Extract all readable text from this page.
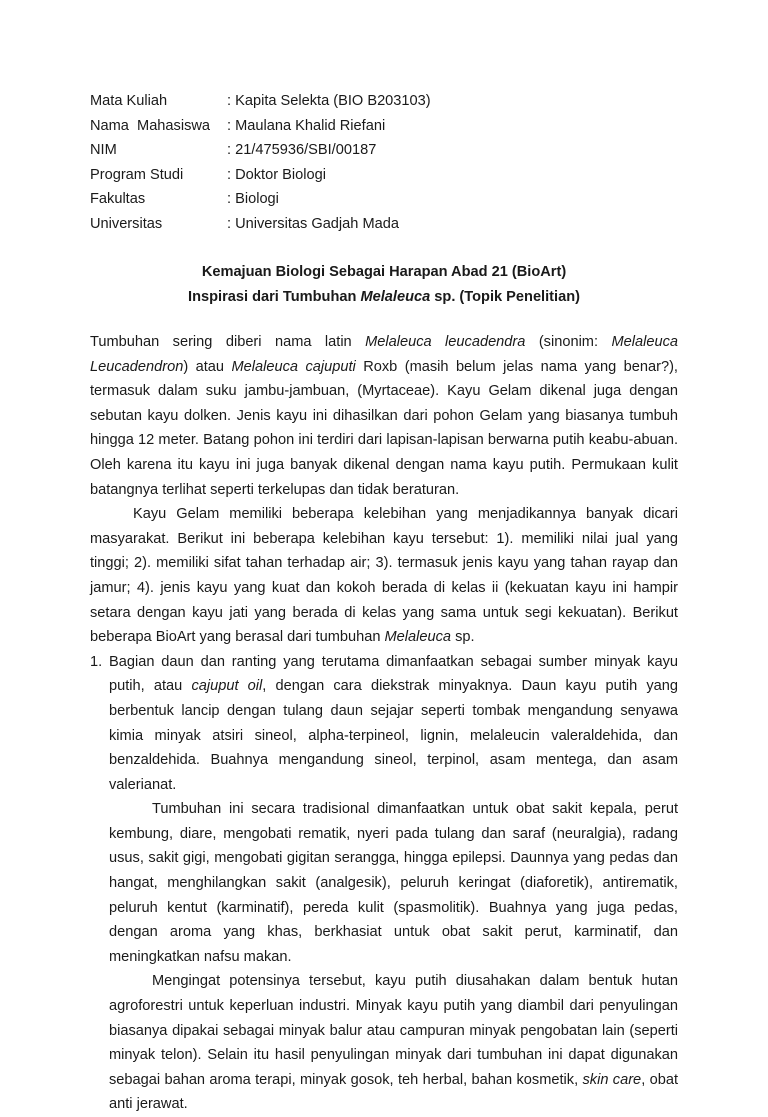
Mata Kuliah	: Kapita Selekta (BIO B203103)
Nama  Mahasiswa	: Maulana Khalid Riefani
NIM	: 21/475936/SBI/00187
Program Studi	: Doktor Biologi
Fakultas	: Biologi
Universitas	: Universitas Gadjah Mada
Kemajuan Biologi Sebagai Harapan Abad 21 (BioArt)
Inspirasi dari Tumbuhan Melaleuca sp. (Topik Penelitian)

Tumbuhan sering diberi nama latin Melaleuca leucadendra (sinonim: Melaleuca Leucadendron) atau Melaleuca cajuputi Roxb (masih belum jelas nama yang benar?), termasuk dalam suku jambu-jambuan, (Myrtaceae). Kayu Gelam dikenal juga dengan sebutan kayu dolken. Jenis kayu ini dihasilkan dari pohon Gelam yang biasanya tumbuh hingga 12 meter. Batang pohon ini terdiri dari lapisan-lapisan berwarna putih keabu-abuan. Oleh karena itu kayu ini juga banyak dikenal dengan nama kayu putih. Permukaan kulit batangnya terlihat seperti terkelupas dan tidak beraturan.

Kayu Gelam memiliki beberapa kelebihan yang menjadikannya banyak dicari masyarakat. Berikut ini beberapa kelebihan kayu tersebut: 1). memiliki nilai jual yang tinggi; 2). memiliki sifat tahan terhadap air; 3). termasuk jenis kayu yang tahan rayap dan jamur; 4). jenis kayu yang kuat dan kokoh berada di kelas ii (kekuatan kayu ini hampir setara dengan kayu jati yang berada di kelas yang sama untuk segi kekuatan). Berikut beberapa BioArt yang berasal dari tumbuhan Melaleuca sp.

1. Bagian daun dan ranting yang terutama dimanfaatkan sebagai sumber minyak kayu putih, atau cajuput oil, dengan cara diekstrak minyaknya. Daun kayu putih yang berbentuk lancip dengan tulang daun sejajar seperti tombak mengandung senyawa kimia minyak atsiri sineol, alpha-terpineol, lignin, melaleucin valeraldehida, dan benzaldehida. Buahnya mengandung sineol, terpinol, asam mentega, dan asam valerianat.

Tumbuhan ini secara tradisional dimanfaatkan untuk obat sakit kepala, perut kembung, diare, mengobati rematik, nyeri pada tulang dan saraf (neuralgia), radang usus, sakit gigi, mengobati gigitan serangga, hingga epilepsi. Daunnya yang pedas dan hangat, menghilangkan sakit (analgesik), peluruh keringat (diaforetik), antirematik, peluruh kentut (karminatif), pereda kulit (spasmolitik). Buahnya yang juga pedas, dengan aroma yang khas, berkhasiat untuk obat sakit perut, karminatif, dan meningkatkan nafsu makan.

Mengingat potensinya tersebut, kayu putih diusahakan dalam bentuk hutan agroforestri untuk keperluan industri. Minyak kayu putih yang diambil dari penyulingan biasanya dipakai sebagai minyak balur atau campuran minyak pengobatan lain (seperti minyak telon). Selain itu hasil penyulingan minyak dari tumbuhan ini dapat digunakan sebagai bahan aroma terapi, minyak gosok, teh herbal, bahan kosmetik, skin care, obat anti jerawat.
